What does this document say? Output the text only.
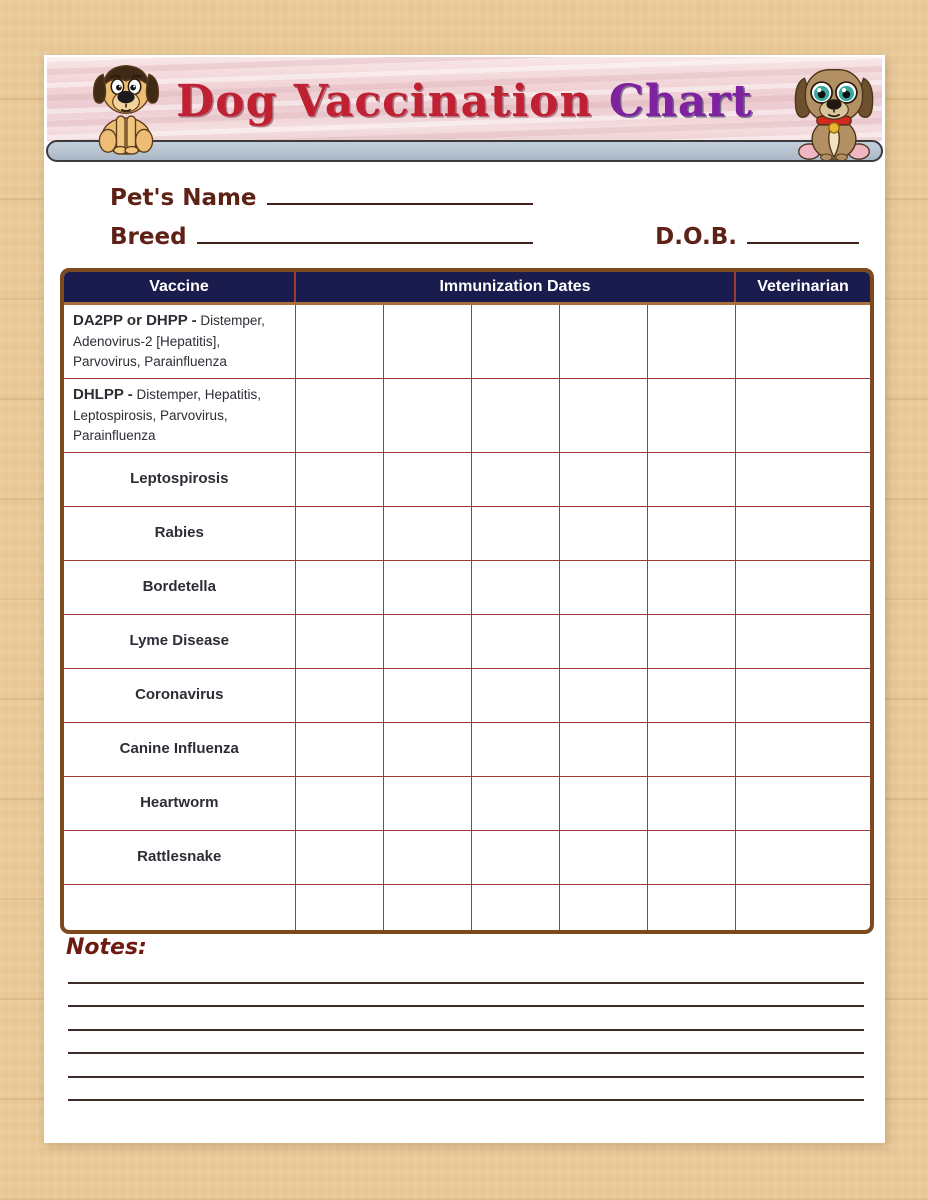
Dog Vaccination Chart
Pet's Name
Breed	D.O.B.
Vaccine	Immunization Dates					Veterinarian
DA2PP or DHPP - Distemper, Adenovirus-2 [Hepatitis], Parvovirus, Parainfluenza						
DHLPP - Distemper, Hepatitis, Leptospirosis, Parvovirus, Parainfluenza						
Leptospirosis						
Rabies						
Bordetella						
Lyme Disease						
Coronavirus						
Canine Influenza						
Heartworm						
Rattlesnake						

Notes:
